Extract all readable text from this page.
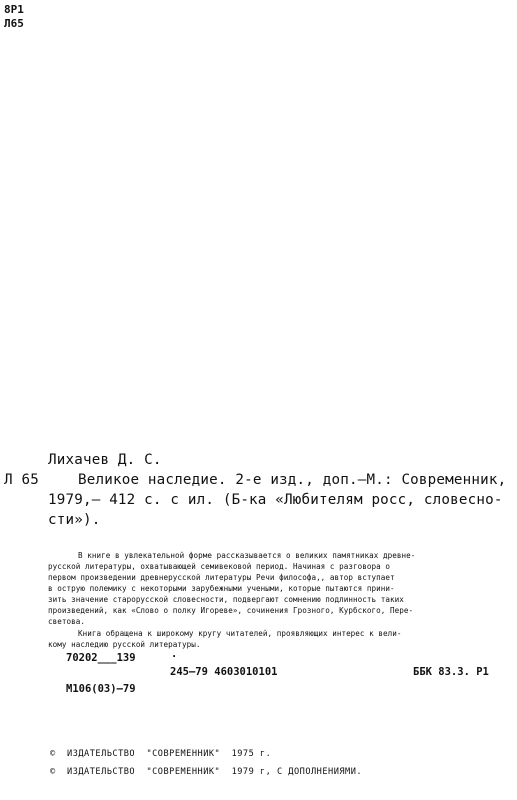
8Р1
Л65
Лихачев Д. С.
Л 65	Великое наследие. 2-е изд., доп.—М.: Современник,
1979,— 412 с. с ил. (Б-ка «Любителям росс, словесно-
сти»).
В книге в увлекательной форме рассказывается о великих памятниках древне-
русской литературы, охватывающей семивековой период. Начиная с разговора о
первом произведении древнерусской литературы Речи философа,, автор вступает
в острую полемику с некоторыми зарубежными учеными, которые пытаются прини-
зить значение старорусской словесности, подвергают сомнению подлинность таких
произведений, как «Слово о полку Игореве», сочинения Грозного, Курбского, Пере-
светова.
Книга обращена к широкому кругу читателей, проявляющих интерес к вели-
кому наследию русской литературы.
70202___139	·
245—79 4603010101	ББК 83.3. Р1
М106(03)—79
©  ИЗДАТЕЛЬСТВО  "СОВРЕМЕННИК"  1975 г.
©  ИЗДАТЕЛЬСТВО  "СОВРЕМЕННИК"  1979 г, С ДОПОЛНЕНИЯМИ.
